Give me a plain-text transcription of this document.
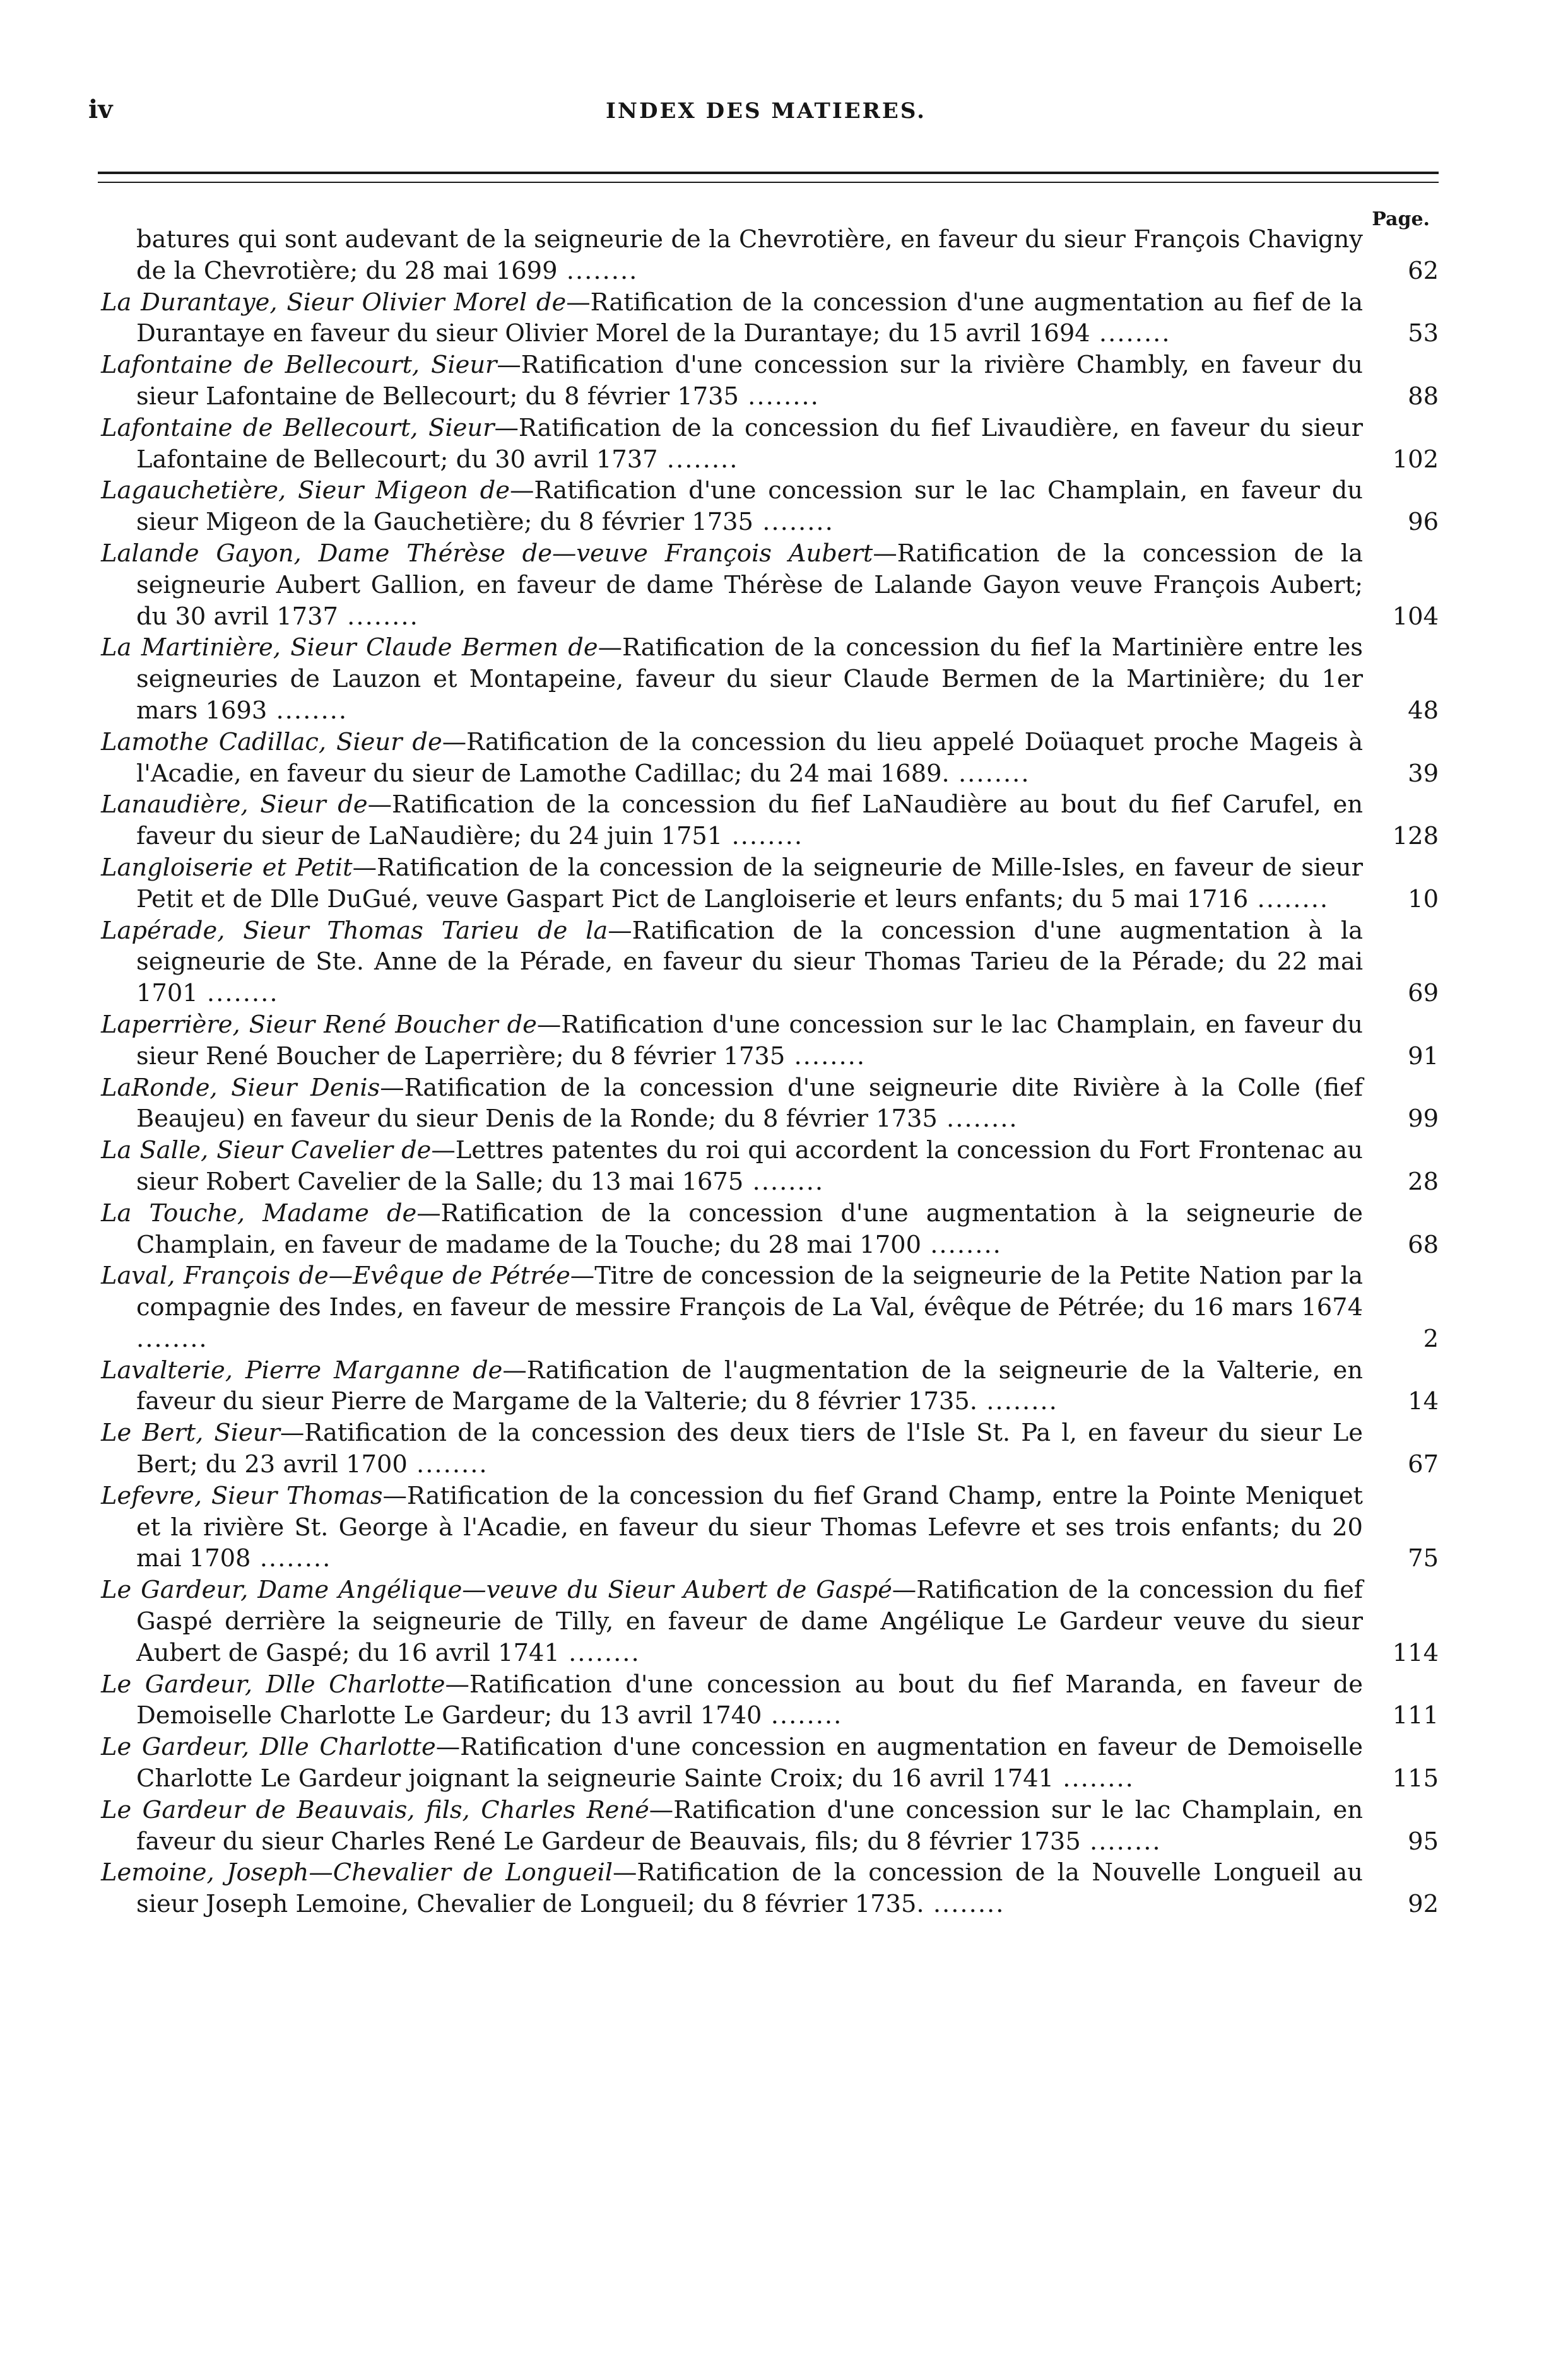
iv	INDEX DES MATIERES.
Page.
batures qui sont audevant de la seigneurie de la Chevrotière, en faveur du sieur François Chavigny de la Chevrotière; du 28 mai 1699 ........	62
La Durantaye, Sieur Olivier Morel de—Ratification de la concession d'une augmentation au fief de la Durantaye en faveur du sieur Olivier Morel de la Durantaye; du 15 avril 1694 ........	53
Lafontaine de Bellecourt, Sieur—Ratification d'une concession sur la rivière Chambly, en faveur du sieur Lafontaine de Bellecourt; du 8 février 1735 ........	88
Lafontaine de Bellecourt, Sieur—Ratification de la concession du fief Livaudière, en faveur du sieur Lafontaine de Bellecourt; du 30 avril 1737 ........	102
Lagauchetière, Sieur Migeon de—Ratification d'une concession sur le lac Champlain, en faveur du sieur Migeon de la Gauchetière; du 8 février 1735 ........	96
Lalande Gayon, Dame Thérèse de—veuve François Aubert—Ratification de la concession de la seigneurie Aubert Gallion, en faveur de dame Thérèse de Lalande Gayon veuve François Aubert; du 30 avril 1737 ........	104
La Martinière, Sieur Claude Bermen de—Ratification de la concession du fief la Martinière entre les seigneuries de Lauzon et Montapeine, faveur du sieur Claude Bermen de la Martinière; du 1er mars 1693 ........	48
Lamothe Cadillac, Sieur de—Ratification de la concession du lieu appelé Doüaquet proche Mageis à l'Acadie, en faveur du sieur de Lamothe Cadillac; du 24 mai 1689. ........	39
Lanaudière, Sieur de—Ratification de la concession du fief LaNaudière au bout du fief Carufel, en faveur du sieur de LaNaudière; du 24 juin 1751 ........	128
Langloiserie et Petit—Ratification de la concession de la seigneurie de Mille-Isles, en faveur de sieur Petit et de Dlle DuGué, veuve Gaspart Pict de Langloiserie et leurs enfants; du 5 mai 1716 ........	10
Lapérade, Sieur Thomas Tarieu de la—Ratification de la concession d'une augmentation à la seigneurie de Ste. Anne de la Pérade, en faveur du sieur Thomas Tarieu de la Pérade; du 22 mai 1701 ........	69
Laperrière, Sieur René Boucher de—Ratification d'une concession sur le lac Champlain, en faveur du sieur René Boucher de Laperrière; du 8 février 1735 ........	91
LaRonde, Sieur Denis—Ratification de la concession d'une seigneurie dite Rivière à la Colle (fief Beaujeu) en faveur du sieur Denis de la Ronde; du 8 février 1735 ........	99
La Salle, Sieur Cavelier de—Lettres patentes du roi qui accordent la concession du Fort Frontenac au sieur Robert Cavelier de la Salle; du 13 mai 1675 ........	28
La Touche, Madame de—Ratification de la concession d'une augmentation à la seigneurie de Champlain, en faveur de madame de la Touche; du 28 mai 1700 ........	68
Laval, François de—Evêque de Pétrée—Titre de concession de la seigneurie de la Petite Nation par la compagnie des Indes, en faveur de messire François de La Val, évêque de Pétrée; du 16 mars 1674 ........	2
Lavalterie, Pierre Marganne de—Ratification de l'augmentation de la seigneurie de la Valterie, en faveur du sieur Pierre de Margame de la Valterie; du 8 février 1735. ........	14
Le Bert, Sieur—Ratification de la concession des deux tiers de l'Isle St. Pa l, en faveur du sieur Le Bert; du 23 avril 1700 ........	67
Lefevre, Sieur Thomas—Ratification de la concession du fief Grand Champ, entre la Pointe Meniquet et la rivière St. George à l'Acadie, en faveur du sieur Thomas Lefevre et ses trois enfants; du 20 mai 1708 ........	75
Le Gardeur, Dame Angélique—veuve du Sieur Aubert de Gaspé—Ratification de la concession du fief Gaspé derrière la seigneurie de Tilly, en faveur de dame Angélique Le Gardeur veuve du sieur Aubert de Gaspé; du 16 avril 1741 ........	114
Le Gardeur, Dlle Charlotte—Ratification d'une concession au bout du fief Maranda, en faveur de Demoiselle Charlotte Le Gardeur; du 13 avril 1740 ........	111
Le Gardeur, Dlle Charlotte—Ratification d'une concession en augmentation en faveur de Demoiselle Charlotte Le Gardeur joignant la seigneurie Sainte Croix; du 16 avril 1741 ........	115
Le Gardeur de Beauvais, fils, Charles René—Ratification d'une concession sur le lac Champlain, en faveur du sieur Charles René Le Gardeur de Beauvais, fils; du 8 février 1735 ........	95
Lemoine, Joseph—Chevalier de Longueil—Ratification de la concession de la Nouvelle Longueil au sieur Joseph Lemoine, Chevalier de Longueil; du 8 février 1735. ........	92
